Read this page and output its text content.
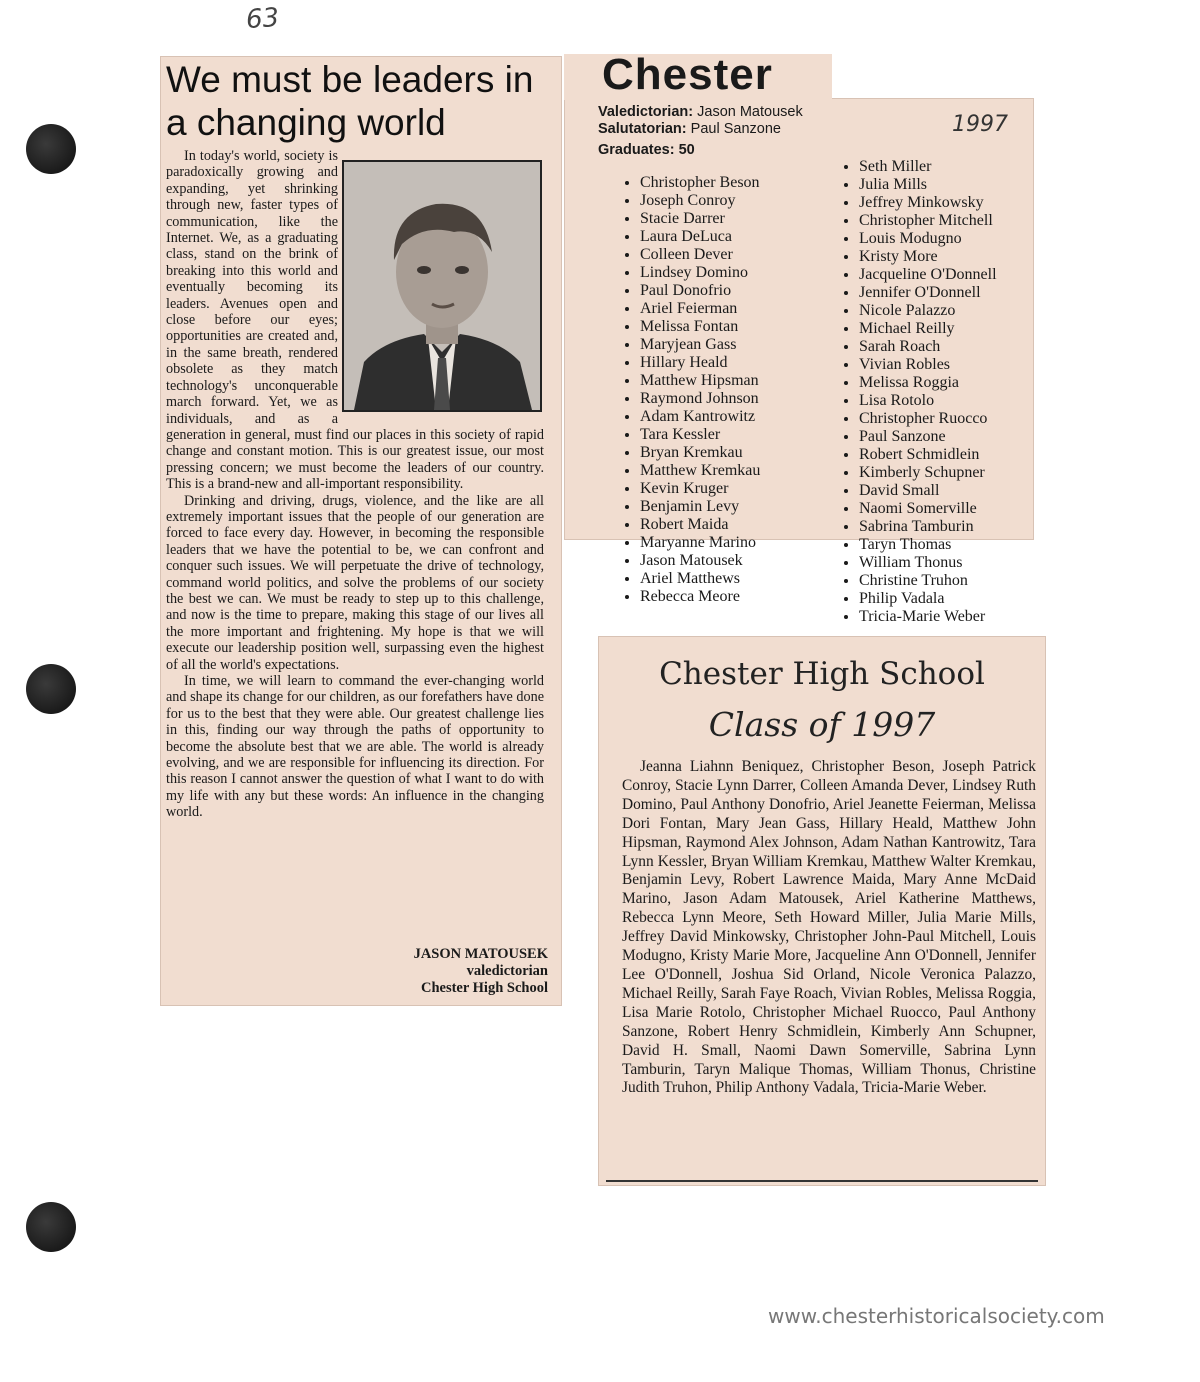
63
We must be leaders in a changing world

In today's world, society is paradoxically growing and expanding, yet shrinking through new, faster types of communication, like the Internet. We, as a graduating class, stand on the brink of breaking into this world and eventually becoming its leaders. Avenues open and close before our eyes; opportunities are created and, in the same breath, rendered obsolete as they match technology's unconquerable march forward. Yet, we as individuals, and as a generation in general, must find our places in this society of rapid change and constant motion. This is our greatest issue, our most pressing concern; we must become the leaders of our country. This is a brand-new and all-important responsibility.

Drinking and driving, drugs, violence, and the like are all extremely important issues that the people of our generation are forced to face every day. However, in becoming the responsible leaders that we have the potential to be, we can confront and conquer such issues. We will perpetuate the drive of technology, command world politics, and solve the problems of our society the best we can. We must be ready to step up to this challenge, and now is the time to prepare, making this stage of our lives all the more important and frightening. My hope is that we will execute our leadership position well, surpassing even the highest of all the world's expectations.

In time, we will learn to command the ever-changing world and shape its change for our children, as our forefathers have done for us to the best that they were able. Our greatest challenge lies in this, finding our way through the paths of opportunity to become the absolute best that we are able. The world is already evolving, and we are responsible for influencing its direction. For this reason I cannot answer the question of what I want to do with my life with any but these words: An influence in the changing world.

JASON MATOUSEK
valedictorian
Chester High School
Chester
1997
Valedictorian: Jason Matousek
Salutatorian: Paul Sanzone
Graduates: 50
• Christopher Beson
• Joseph Conroy
• Stacie Darrer
• Laura DeLuca
• Colleen Dever
• Lindsey Domino
• Paul Donofrio
• Ariel Feierman
• Melissa Fontan
• Maryjean Gass
• Hillary Heald
• Matthew Hipsman
• Raymond Johnson
• Adam Kantrowitz
• Tara Kessler
• Bryan Kremkau
• Matthew Kremkau
• Kevin Kruger
• Benjamin Levy
• Robert Maida
• Maryanne Marino
• Jason Matousek
• Ariel Matthews
• Rebecca Meore
• Seth Miller
• Julia Mills
• Jeffrey Minkowsky
• Christopher Mitchell
• Louis Modugno
• Kristy More
• Jacqueline O'Donnell
• Jennifer O'Donnell
• Nicole Palazzo
• Michael Reilly
• Sarah Roach
• Vivian Robles
• Melissa Roggia
• Lisa Rotolo
• Christopher Ruocco
• Paul Sanzone
• Robert Schmidlein
• Kimberly Schupner
• David Small
• Naomi Somerville
• Sabrina Tamburin
• Taryn Thomas
• William Thonus
• Christine Truhon
• Philip Vadala
• Tricia-Marie Weber
Chester High School
Class of 1997

Jeanna Liahnn Beniquez, Christopher Beson, Joseph Patrick Conroy, Stacie Lynn Darrer, Colleen Amanda Dever, Lindsey Ruth Domino, Paul Anthony Donofrio, Ariel Jeanette Feierman, Melissa Dori Fontan, Mary Jean Gass, Hillary Heald, Matthew John Hipsman, Raymond Alex Johnson, Adam Nathan Kantrowitz, Tara Lynn Kessler, Bryan William Kremkau, Matthew Walter Kremkau, Benjamin Levy, Robert Lawrence Maida, Mary Anne McDaid Marino, Jason Adam Matousek, Ariel Katherine Matthews, Rebecca Lynn Meore, Seth Howard Miller, Julia Marie Mills, Jeffrey David Minkowsky, Christopher John-Paul Mitchell, Louis Modugno, Kristy Marie More, Jacqueline Ann O'Donnell, Jennifer Lee O'Donnell, Joshua Sid Orland, Nicole Veronica Palazzo, Michael Reilly, Sarah Faye Roach, Vivian Robles, Melissa Roggia, Lisa Marie Rotolo, Christopher Michael Ruocco, Paul Anthony Sanzone, Robert Henry Schmidlein, Kimberly Ann Schupner, David H. Small, Naomi Dawn Somerville, Sabrina Lynn Tamburin, Taryn Malique Thomas, William Thonus, Christine Judith Truhon, Philip Anthony Vadala, Tricia-Marie Weber.

www.chesterhistoricalsociety.com
